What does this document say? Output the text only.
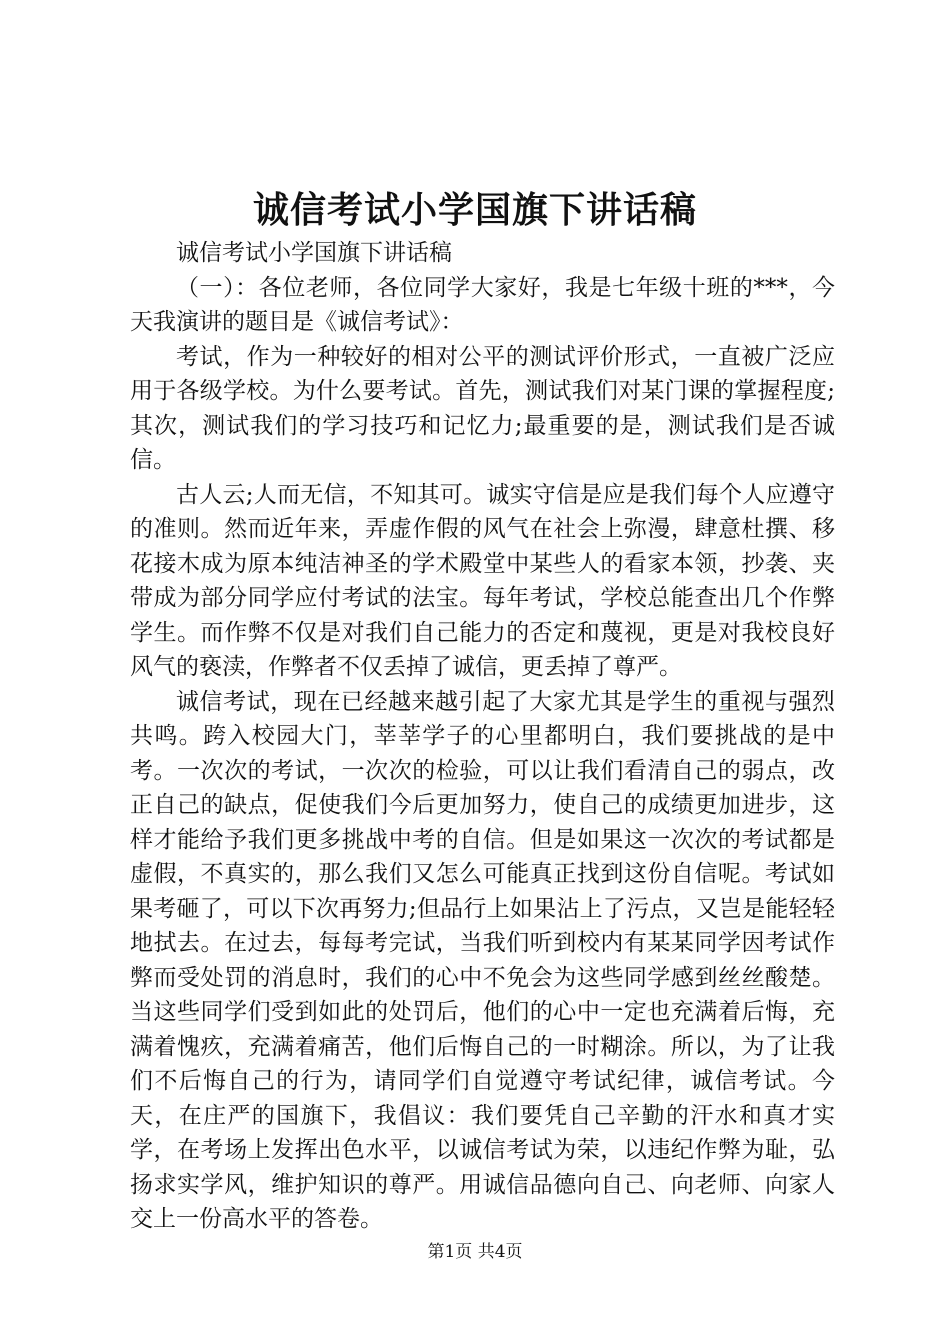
诚信考试小学国旗下讲话稿

诚信考试小学国旗下讲话稿

（一）：各位老师，各位同学大家好，我是七年级十班的***，今天我演讲的题目是《诚信考试》：

考试，作为一种较好的相对公平的测试评价形式，一直被广泛应用于各级学校。为什么要考试。首先，测试我们对某门课的掌握程度;其次，测试我们的学习技巧和记忆力;最重要的是，测试我们是否诚信。

古人云;人而无信，不知其可。诚实守信是应是我们每个人应遵守的准则。然而近年来，弄虚作假的风气在社会上弥漫，肆意杜撰、移花接木成为原本纯洁神圣的学术殿堂中某些人的看家本领，抄袭、夹带成为部分同学应付考试的法宝。每年考试，学校总能查出几个作弊学生。而作弊不仅是对我们自己能力的否定和蔑视，更是对我校良好风气的亵渎，作弊者不仅丢掉了诚信，更丢掉了尊严。

诚信考试，现在已经越来越引起了大家尤其是学生的重视与强烈共鸣。跨入校园大门，莘莘学子的心里都明白，我们要挑战的是中考。一次次的考试，一次次的检验，可以让我们看清自己的弱点，改正自己的缺点，促使我们今后更加努力，使自己的成绩更加进步，这样才能给予我们更多挑战中考的自信。但是如果这一次次的考试都是虚假，不真实的，那么我们又怎么可能真正找到这份自信呢。考试如果考砸了，可以下次再努力;但品行上如果沾上了污点，又岂是能轻轻地拭去。在过去，每每考完试，当我们听到校内有某某同学因考试作弊而受处罚的消息时，我们的心中不免会为这些同学感到丝丝酸楚。当这些同学们受到如此的处罚后，他们的心中一定也充满着后悔，充满着愧疚，充满着痛苦，他们后悔自己的一时糊涂。所以，为了让我们不后悔自己的行为，请同学们自觉遵守考试纪律，诚信考试。今天，在庄严的国旗下，我倡议：我们要凭自己辛勤的汗水和真才实学，在考场上发挥出色水平，以诚信考试为荣，以违纪作弊为耻，弘扬求实学风，维护知识的尊严。用诚信品德向自己、向老师、向家人交上一份高水平的答卷。

第1页 共4页
